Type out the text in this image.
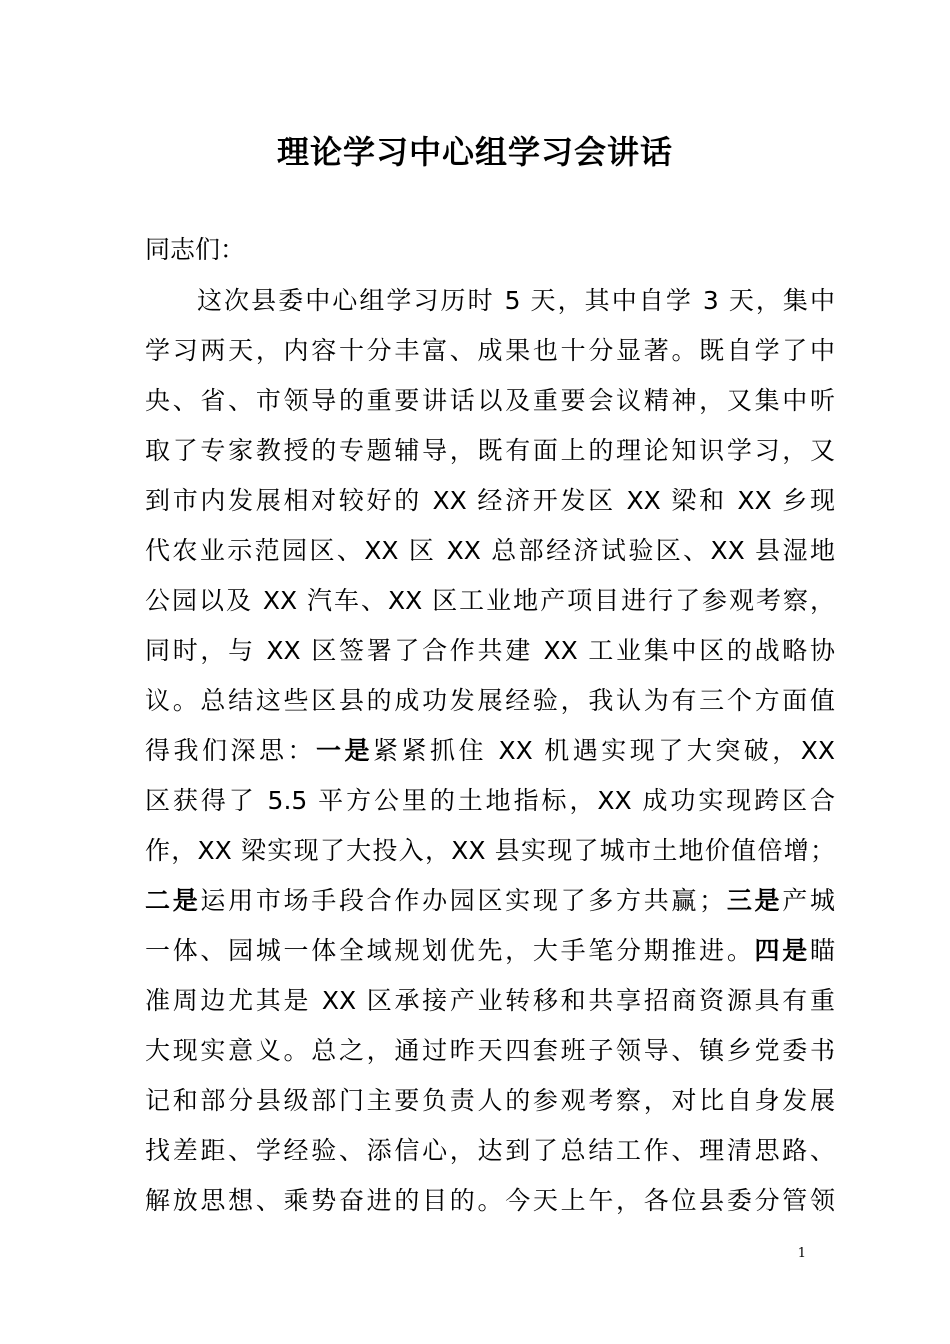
理论学习中心组学习会讲话
同志们：
这次县委中心组学习历时 5 天，其中自学 3 天，集中
学习两天，内容十分丰富、成果也十分显著。既自学了中
央、省、市领导的重要讲话以及重要会议精神，又集中听
取了专家教授的专题辅导，既有面上的理论知识学习，又
到市内发展相对较好的 XX 经济开发区 XX 梁和 XX 乡现
代农业示范园区、XX 区 XX 总部经济试验区、XX 县湿地
公园以及 XX 汽车、XX 区工业地产项目进行了参观考察，
同时，与 XX 区签署了合作共建 XX 工业集中区的战略协
议。总结这些区县的成功发展经验，我认为有三个方面值
得我们深思：一是紧紧抓住 XX 机遇实现了大突破，XX
区获得了 5.5 平方公里的土地指标，XX 成功实现跨区合
作，XX 梁实现了大投入，XX 县实现了城市土地价值倍增；
二是运用市场手段合作办园区实现了多方共赢；三是产城
一体、园城一体全域规划优先，大手笔分期推进。四是瞄
准周边尤其是 XX 区承接产业转移和共享招商资源具有重
大现实意义。总之，通过昨天四套班子领导、镇乡党委书
记和部分县级部门主要负责人的参观考察，对比自身发展
找差距、学经验、添信心，达到了总结工作、理清思路、
解放思想、乘势奋进的目的。今天上午，各位县委分管领
1
